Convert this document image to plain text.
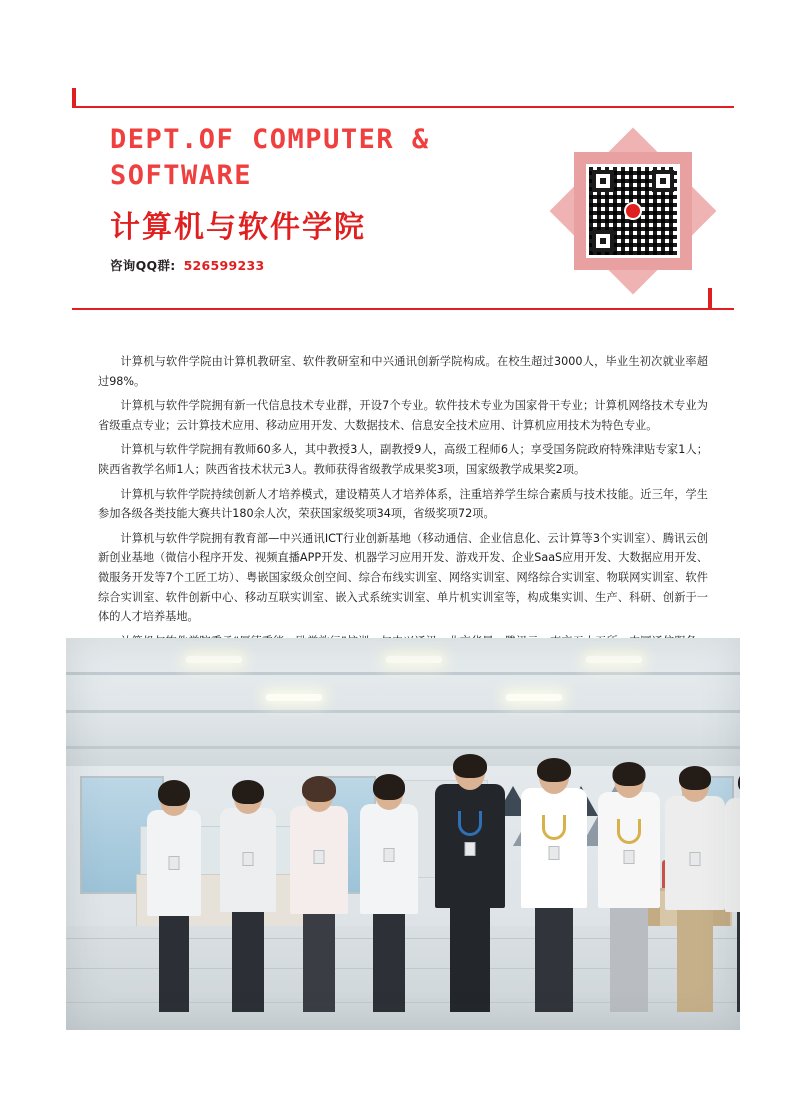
DEPT.OF COMPUTER & SOFTWARE
计算机与软件学院
咨询QQ群: 526599233

计算机与软件学院由计算机教研室、软件教研室和中兴通讯创新学院构成。在校生超过3000人，毕业生初次就业率超过98%。

计算机与软件学院拥有新一代信息技术专业群，开设7个专业。软件技术专业为国家骨干专业；计算机网络技术专业为省级重点专业；云计算技术应用、移动应用开发、大数据技术、信息安全技术应用、计算机应用技术为特色专业。

计算机与软件学院拥有教师60多人，其中教授3人，副教授9人，高级工程师6人；享受国务院政府特殊津贴专家1人；陕西省教学名师1人；陕西省技术状元3人。教师获得省级教学成果奖3项，国家级教学成果奖2项。

计算机与软件学院持续创新人才培养模式，建设精英人才培养体系，注重培养学生综合素质与技术技能。近三年，学生参加各级各类技能大赛共计180余人次，荣获国家级奖项34项，省级奖项72项。

计算机与软件学院拥有教育部—中兴通讯ICT行业创新基地（移动通信、企业信息化、云计算等3个实训室）、腾讯云创新创业基地（微信小程序开发、视频直播APP开发、机器学习应用开发、游戏开发、企业SaaS应用开发、大数据应用开发、微服务开发等7个工匠工坊）、粤嵌国家级众创空间、综合布线实训室、网络实训室、网络综合实训室、物联网实训室、软件综合实训室、软件创新中心、移动互联实训室、嵌入式系统实训室、单片机实训室等，构成集实训、生产、科研、创新于一体的人才培养基地。
